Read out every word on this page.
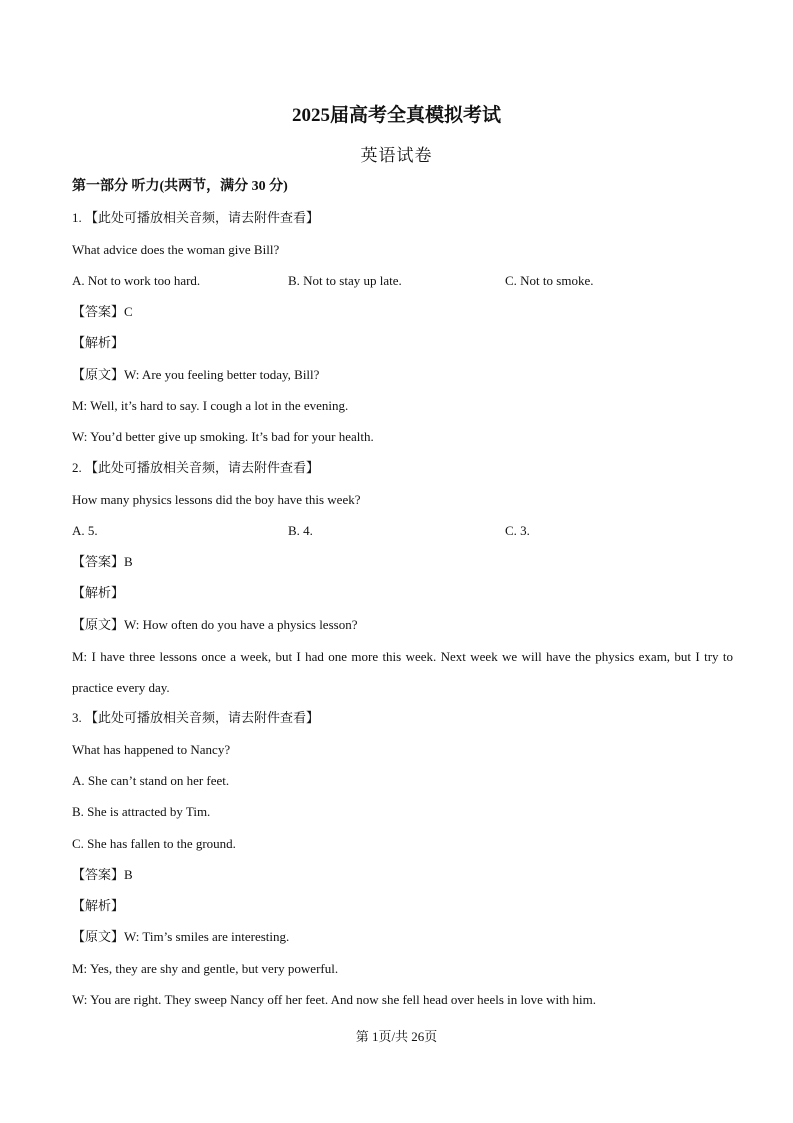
2025届高考全真模拟考试
英语试卷
第一部分 听力(共两节，满分 30 分)
1. 【此处可播放相关音频，请去附件查看】
What advice does the woman give Bill?
A. Not to work too hard.	B. Not to stay up late.	C. Not to smoke.
【答案】C
【解析】
【原文】W: Are you feeling better today, Bill?
M: Well, it’s hard to say. I cough a lot in the evening.
W: You’d better give up smoking. It’s bad for your health.
2. 【此处可播放相关音频，请去附件查看】
How many physics lessons did the boy have this week?
A. 5.	B. 4.	C. 3.
【答案】B
【解析】
【原文】W: How often do you have a physics lesson?
M: I have three lessons once a week, but I had one more this week. Next week we will have the physics exam, but I try to practice every day.
3. 【此处可播放相关音频，请去附件查看】
What has happened to Nancy?
A. She can’t stand on her feet.
B. She is attracted by Tim.
C. She has fallen to the ground.
【答案】B
【解析】
【原文】W: Tim’s smiles are interesting.
M: Yes, they are shy and gentle, but very powerful.
W: You are right. They sweep Nancy off her feet. And now she fell head over heels in love with him.
第 1页/共 26页
